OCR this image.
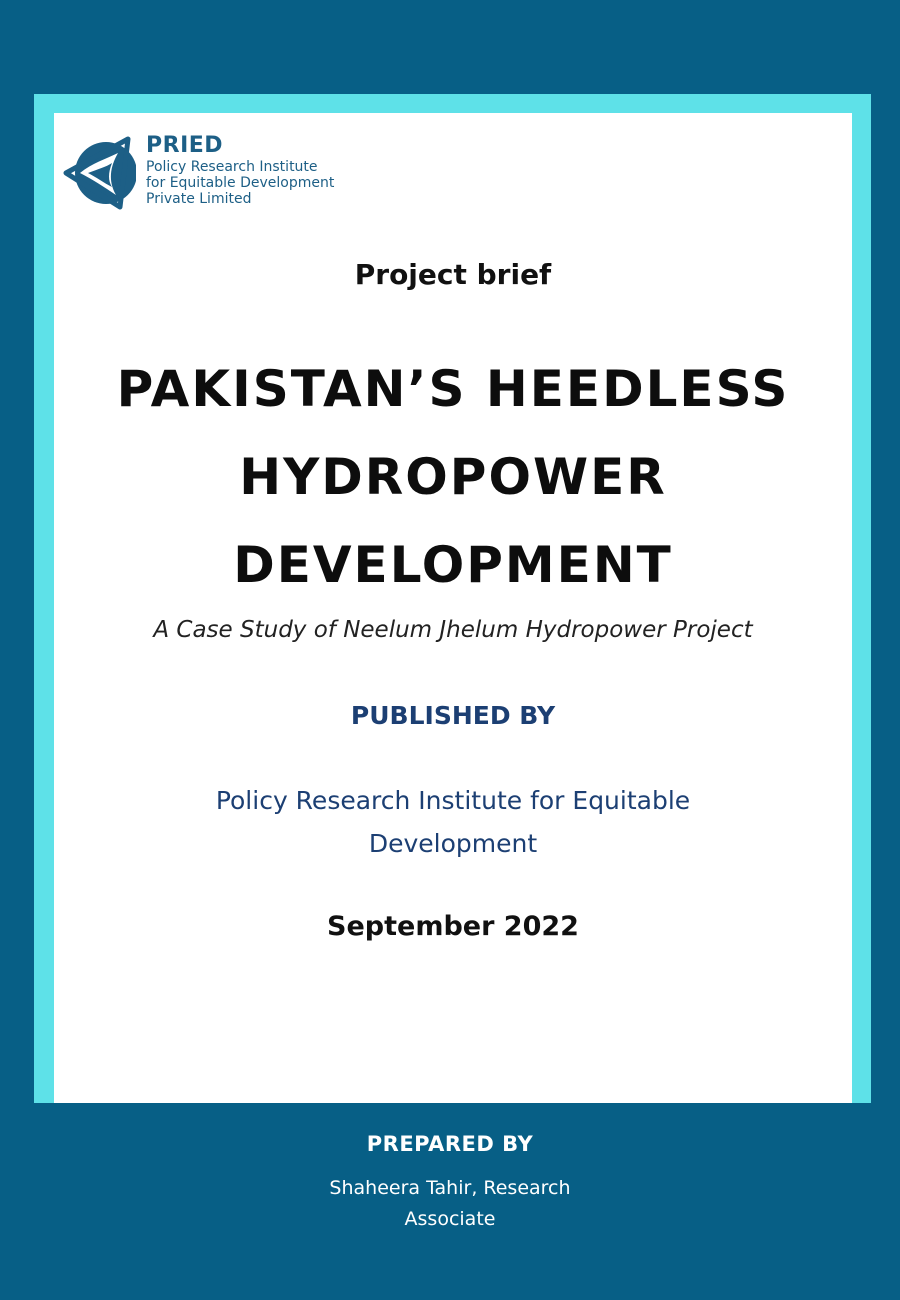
PRIED
Policy Research Institute
for Equitable Development
Private Limited
Project brief
PAKISTAN’S HEEDLESS
HYDROPOWER
DEVELOPMENT
A Case Study of Neelum Jhelum Hydropower Project
PUBLISHED BY
Policy Research Institute for Equitable Development
September 2022
PREPARED BY
Shaheera Tahir, Research Associate
